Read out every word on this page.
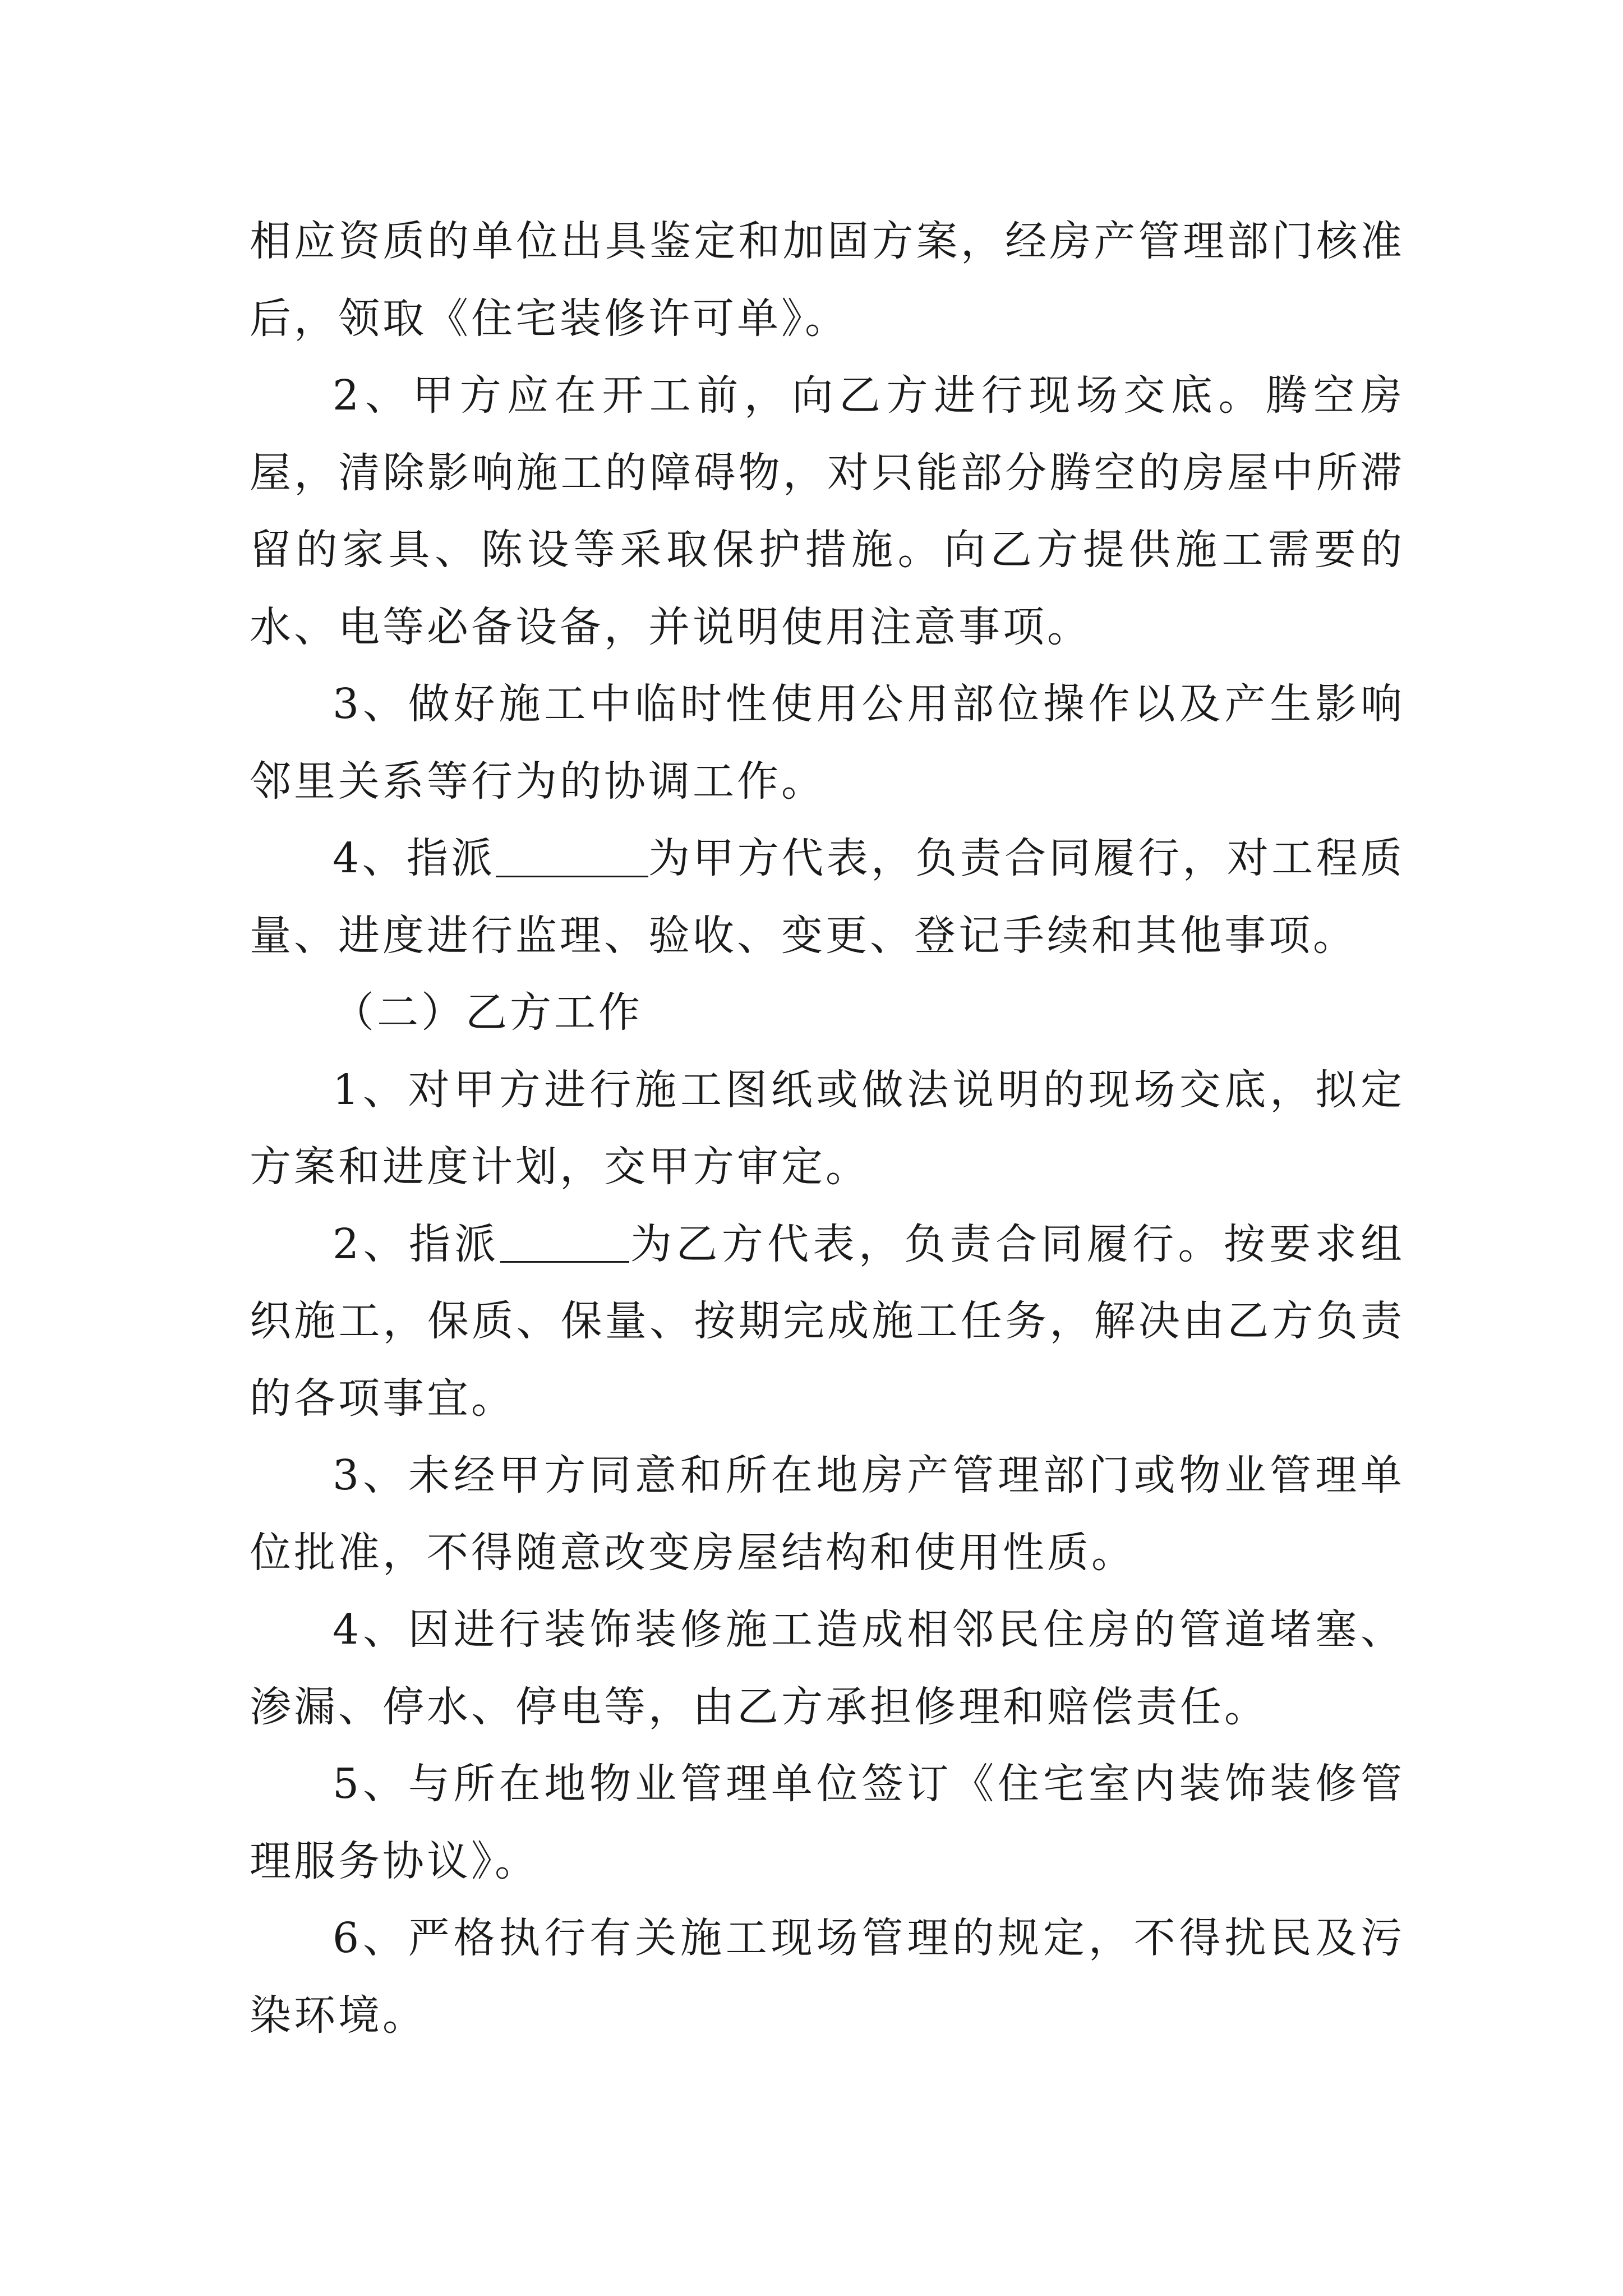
相应资质的单位出具鉴定和加固方案，经房产管理部门核准后，领取《住宅装修许可单》。

2、甲方应在开工前，向乙方进行现场交底。腾空房屋，清除影响施工的障碍物，对只能部分腾空的房屋中所滞留的家具、陈设等采取保护措施。向乙方提供施工需要的水、电等必备设备，并说明使用注意事项。

3、做好施工中临时性使用公用部位操作以及产生影响邻里关系等行为的协调工作。

4、指派	为甲方代表，负责合同履行，对工程质量、进度进行监理、验收、变更、登记手续和其他事项。

（二）乙方工作

1、对甲方进行施工图纸或做法说明的现场交底，拟定方案和进度计划，交甲方审定。

2、指派	为乙方代表，负责合同履行。按要求组织施工，保质、保量、按期完成施工任务，解决由乙方负责的各项事宜。

3、未经甲方同意和所在地房产管理部门或物业管理单位批准，不得随意改变房屋结构和使用性质。

4、因进行装饰装修施工造成相邻民住房的管道堵塞、渗漏、停水、停电等，由乙方承担修理和赔偿责任。

5、与所在地物业管理单位签订《住宅室内装饰装修管理服务协议》。

6、严格执行有关施工现场管理的规定，不得扰民及污染环境。
